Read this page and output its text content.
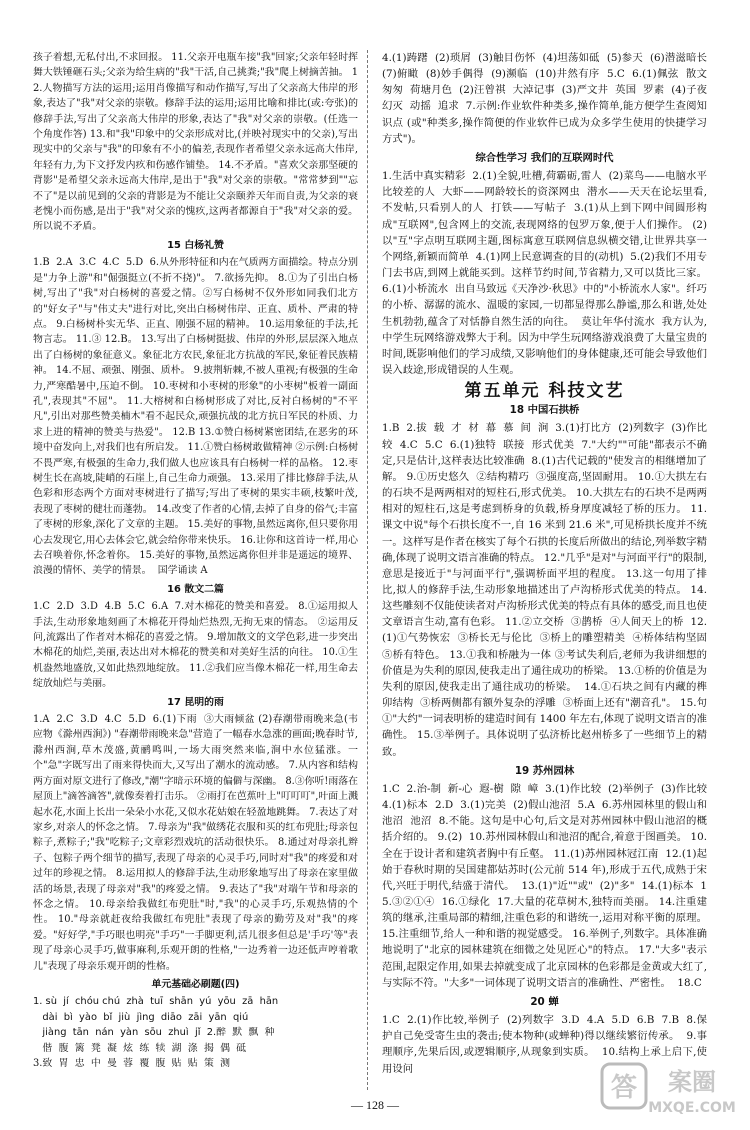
孩子着想,无私付出,不求回报。 11.父亲开电瓶车接"我"回家;父亲年轻时挥舞大铁锤砸石头;父亲为给生病的"我"干活,自己挑粪;"我"爬上树摘苦抽。 12.人物描写方法的运用;运用肖像描写和动作描写,写出了父亲高大伟岸的形象,表达了"我"对父亲的崇敬。修辞手法的运用;运用比喻和排比(或:夸张)的修辞手法,写出了父亲高大伟岸的形象,表达了"我"对父亲的崇敬。(任选一个角度作答) 13.和"我"印象中的父亲形成对比,(并映衬现实中的父亲),写出现实中的父亲与"我"的印象有不小的偏差,表现作者希望父亲永远高大伟岸,年轻有力,为下文抒发内疚和伤感作铺垫。 14.不矛盾。"喜欢父亲那坚硬的背影"是希望父亲永远高大伟岸,是出于"我"对父亲的崇敬。"常常梦到""忘不了"是以前见到的父亲的背影是为不能让父亲颐养天年而自责,为父亲的衰老愧小而伤感,是出于"我"对父亲的愧疚,这两者都源自于"我"对父亲的爱。所以说不矛盾。

15 白杨礼赞

1.B  2.A  3.C  4.C  5.D  6.从外形特征和内在气质两方面描绘。特点分别是"力争上游"和"倔强挺立(不折不挠)"。 7.欲扬先抑。 8.①为了引出白杨树,写出了"我"对白杨树的喜爱之情。②写白杨树不仅外形如同我们北方的"好女子"与"伟丈夫"进行对比,突出白杨树伟岸、正直、质朴、严肃的特点。 9.白杨树朴实无华、正直、刚强不屈的精神。 10.运用象征的手法,托物言志。 11.③ 12.B。 13.写出了白杨树挺拔、伟岸的外形,层层深入地点出了白杨树的象征意义。象征北方农民,象征北方抗战的军民,象征着民族精神。 14.不屈、顽强、刚强、质朴。 9.披荆斩棘,不被人重视;有极强的生命力,严寒酷暑中,压迫不倒。 10.枣树和小枣树的形象"的小枣树"板着一副面孔",表现其"不屈"。 11.大榕树和白杨树形成了对比,反衬白杨树的"不平凡",引出对那些赞美楠木"看不起民众,顽强抗战的北方抗日军民的朴质、力求上进的精神的赞美与热爱"。 12.B 13.①赞白杨树紧密团结,在恶劣的环境中奋发向上,对我们也有所启发。 11.①赞白杨树敢做精神 ②示例:白杨树不畏严寒,有极强的生命力,我们做人也应该具有白杨树一样的品格。 12.枣树生长在高坡,陡峭的石崖上,自己生命力顽强。 13.采用了排比修辞手法,从色彩和形态两个方面对枣树进行了描写;写出了枣树的果实丰硕,枝繁叶茂,表现了枣树的健壮而蓬勃。 14.改变了作者的心情,去掉了自身的俗气;丰富了枣树的形象,深化了文章的主题。 15.美好的事物,虽然远离你,但只要你用心去发现它,用心去体会它,就会给你带来快乐。 16.让你和这首诗一样,用心去召唤着你,怀念着你。 15.美好的事物,虽然远离你但并非是遥远的境界、浪漫的情怀、美学的情景。  国学诵读 A

16 散文二篇

1.C  2.D  3.D  4.B  5.C  6.A  7.对木棉花的赞美和喜爱。 8.①运用拟人手法,生动形象地刻画了木棉花开得灿烂热烈,无拘无束的情态。 ②运用反问,流露出了作者对木棉花的喜爱之情。 9.增加散文的文学色彩,进一步突出木棉花的灿烂,美丽,表达出对木棉花的赞美和对美好生活的向往。 10.①生机盎然地盛放,又如此热烈地绽放。 11.②我们应当像木棉花一样,用生命去绽放灿烂与美丽。

17 昆明的雨

1.A  2.C  3.D  4.C  5.D  6.(1)下雨  ③大雨倾盆 (2)春潮带雨晚来急(韦应物《滁州西涧》) "春潮带雨晚来急"营造了一幅春水急涨的画面;晚春时节,滁州西涧,草木茂盛,黄鹂鸣叫,一场大雨突然来临,涧中水位猛涨。一个"急"字既写出了雨来得快而大,又写出了潮水的流动感。 7.从内容和结构两方面对原文进行了修改,"潮"字暗示环境的偏僻与深幽。 8.③你听!雨落在屋顶上"滴答滴答",就像奏着打击乐。 ②雨打在芭蕉叶上"叮叮叮",叶面上溅起水花,水面上长出一朵朵小水花,又似水花姑娘在轻盈地跳舞。 7.表达了对家乡,对亲人的怀念之情。 7.母亲为"我"做绣花衣服和买的红布兜肚;母亲包粽子,煮粽子;"我"吃粽子;文章彩烈戏坑的活动很快乐。 8.通过对母亲扎辫子、包粽子两个细节的描写,表现了母亲的心灵手巧,同时对"我"的疼爱和对过年的珍视之情。 8.运用拟人的修辞手法,生动形象地写出了母亲在家里做活的场景,表现了母亲对"我"的疼爱之情。 9.表达了"我"对端午节和母亲的怀念之情。 10.母亲给我做红布兜肚"时,"我"的心灵手巧,乐观热情的个性。 10."母亲就赶夜给我做红布兜肚"表现了母亲的勤劳及对"我"的疼爱。"好好学,"手巧眼也明亮"手巧"一手脚更利,活儿很多但总是'手巧'等"表现了母亲心灵手巧,做事麻利,乐观开朗的性格,"一边秀着一边还低声哼着歌儿"表现了母亲乐观开朗的性格。

单元基础必刷题(四)
1. sù  jí  chóu chú  zhà  tuī  shān  yú  yōu  zā  hān
dài  bì  yào  bǐ  jiù  jìng  diāo  zāi  yān  qiú
jiàng  tān  nán  yàn  sōu  zhuì  jǐ  2.醉  默  飘  种

偕  腹  篱  凳  凝  炫  练  犊  湖  涤  揭  偶  砥

3.致  胃  忠  中  曼  蓉  覆  腹  贴  贴  策  测

4.(1)踌躇  (2)琐屑  (3)触目伤怀  (4)坦荡如砥  (5)参天  (6)潜滋暗长  (7)俯瞰  (8)妙手偶得  (9)濒临  (10)井然有序  5.C  6.(1)佩弦  散文  匆匆  荷塘月色  (2)汪曾祺  大淖记事  (3)严文井  英国  罗素  (4)子夜  幻灭  动摇  追求  7.示例:作业软件种类多,操作简单,能方便学生查阅知识点 (或"种类多,操作简便的作业软件已成为众多学生使用的快捷学习方式")。

综合性学习 我们的互联网时代

1.生活中真实精彩  2.(1)全貌,吐槽,荷霸砺,雷人  (2)菜鸟——电脑水平比较差的人  大虾——网龄较长的资深网虫  潜水——天天在论坛里看,不发帖,只看别人的人  打铁——写帖子  3.(1)从上到下网中间圆形构成"互联网",包含网上的交流,表现网络的包罗万象,便于人们操作。 (2)以"互"字点明互联网主题,图标寓意互联网信息纵横交错,让世界共享一个网络,新颖而简单  4.(1)网上民意调查的目的(动机)  5.(2)我们不用专门去书店,到网上就能买到。这样节约时间,节省精力,又可以货比三家。 6.(1)小桥流水  出自马致远《天净沙·秋思》中的"小桥流水人家"。纤巧的小桥、潺潺的流水、温暖的家园,一切都显得那么静谧,那么和谐,处处生机勃勃,蕴含了对恬静自然生活的向往。  莫让年华付流水  我方认为,中学生玩网络游戏弊大于利。因为中学生玩网络游戏浪费了大量宝贵的时间,既影响他们的学习成绩,又影响他们的身体健康,还可能会导致他们误入歧途,形成错误的人生观。

第五单元 科技文艺
18 中国石拱桥

1.B  2.拔  载  才  材  幕  慕  间  涧  3.(1)打比方  (2)列数字  (3)作比较  4.C  5.C  6.(1)独特  联接  形式优美  7."大约""可能"都表示不确定,只是估计,这样表达比较准确  8.(1)古代记载的"使发言的相继增加了解。 9.①历史悠久  ②结构精巧  ③强度高,坚固耐用。 10.①大拱左右的石块不是两两相对的短柱石,形式优美。 10.大拱左右的石块不是两两相对的短柱石,这是考虑到桥身的负载,桥身厚度减轻了桥的压力。 11.课文中说"每个石拱长度不一,自 16 米到 21.6 米",可见桥拱长度并不统一。这样写是作者在核实了每个石拱的长度后所做出的结论,列举数字精确,体现了说明文语言准确的特点。 12."几乎"是对"与河面平行"的限制,意思是接近于"与河面平行",强调桥面平坦的程度。 13.这一句用了排比,拟人的修辞手法,生动形象地描述出了卢沟桥形式优美的特点。 14.这些雕刻不仅能使读者对卢沟桥形式优美的特点有具体的感受,而且也使文章语言生动,富有色彩。 11.②立交桥  ③鹊桥  ④人间天上的桥  12.(1)①气势恢宏  ③桥长无与伦比  ③桥上的雕塑精美  ④桥体结构坚固  ⑤桥有特色。 13.①我和桥融为一体 ③考试失利后,老师为我讲细想的价值是为失利的原因,使我走出了通往成功的桥梁。 13.①桥的价值是为失利的原因,使我走出了通往成功的桥梁。  14.①石块之间有内藏的榫卯结构  ③桥两侧都有额外复杂的浮雕  ③桥面上还有"潮音孔"。 15.句①"大约"一词表明桥的建造时间有 1400 年左右,体现了说明文语言的准确性。 15.③举例子。具体说明了弘济桥比赵州桥多了一些细节上的精致。

19 苏州园林

1.C  2.治-制  新-心  遐-樹  隙  嶂  3.(1)作比较  (2)举例子  (3)作比较  4.(1)标本  2.D  3.(1)完美  (2)假山池沼  5.A  6.苏州园林里的假山和池沼  池沼  8.不能。这句是中心句,后文是对苏州园林中假山池沼的概括介绍的。 9.(2)  10.苏州园林假山和池沼的配合,着意于图画美。 10.全在于设计者和建筑者胸中有丘壑。 11.(1)苏州园林冠江南  12.(1)起始于春秋时期的吴国建都姑苏时(公元前 514 年),形成于五代,成熟于宋代,兴旺于明代,结盛于清代。  13.(1)"近""或"  (2)"多"  14.(1)标本  15.③②①④  16.①绿化  17.大量的花草树木,独特而美丽。 14.注重建筑的继承,注重局部的精细,注重色彩的和谐统一,运用对称平衡的原理。 15.注重细节,给人一种和谐的视觉感受。 16.举例子,列数字。具体准确地说明了"北京的园林建筑在细微之处见匠心"的特点。 17."大多"表示范围,起限定作用,如果去掉就变成了北京园林的色彩都是金黄或大红了,与实际不符。"大多"一词体现了说明文语言的准确性、严密性。  18.C

20 蝉

1.C  2.(1)作比较,举例子  (2)列数字  3.D  4.A  5.D  6.B  7.B  8.保护自己免受寄生虫的袭击;使本物种(或蝉种)得以继续繁衍传承。  9.事理顺序,先果后因,或逻辑顺序,从现象到实质。  10.结构上承上启下,使用设问

— 128 —
答 案圈
MXQE.COM
